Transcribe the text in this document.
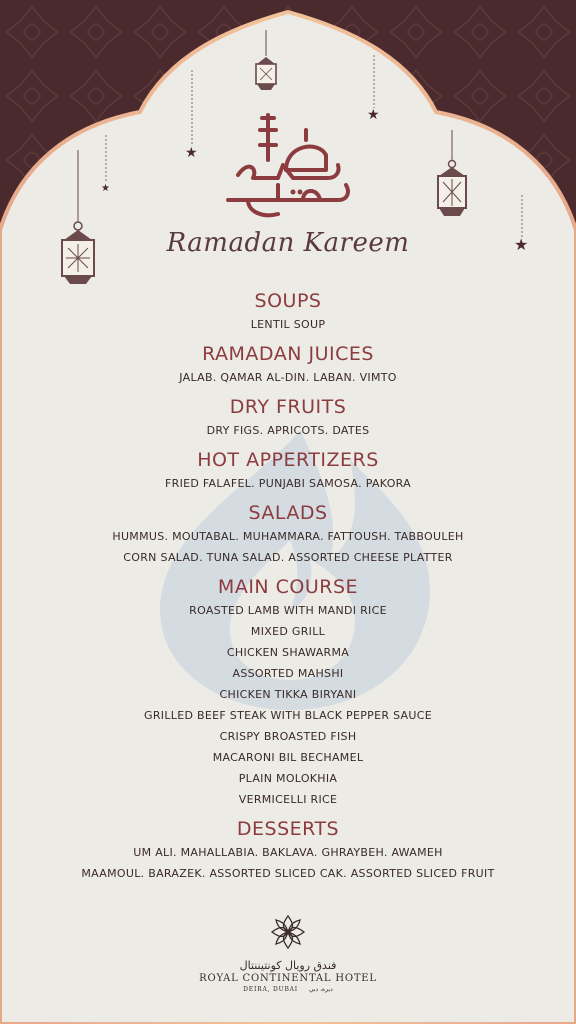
★
★
★
★
رمضان كريم
Ramadan Kareem
SOUPS
LENTIL SOUP
RAMADAN JUICES
JALAB. QAMAR AL-DIN. LABAN. VIMTO
DRY FRUITS
DRY FIGS. APRICOTS. DATES
HOT APPERTIZERS
FRIED FALAFEL. PUNJABI SAMOSA. PAKORA
SALADS
HUMMUS. MOUTABAL. MUHAMMARA. FATTOUSH. TABBOULEH
CORN SALAD. TUNA SALAD. ASSORTED CHEESE PLATTER
MAIN COURSE
ROASTED LAMB WITH MANDI RICE
MIXED GRILL
CHICKEN SHAWARMA
ASSORTED MAHSHI
CHICKEN TIKKA BIRYANI
GRILLED BEEF STEAK WITH BLACK PEPPER SAUCE
CRISPY BROASTED FISH
MACARONI BIL BECHAMEL
PLAIN MOLOKHIA
VERMICELLI RICE
DESSERTS
UM ALI. MAHALLABIA. BAKLAVA. GHRAYBEH. AWAMEH
MAAMOUL. BARAZEK. ASSORTED SLICED CAK. ASSORTED SLICED FRUIT
فندق رويال كونتيننتال
ROYAL CONTINENTAL HOTEL
DEIRA, DUBAI ديرة، دبي
